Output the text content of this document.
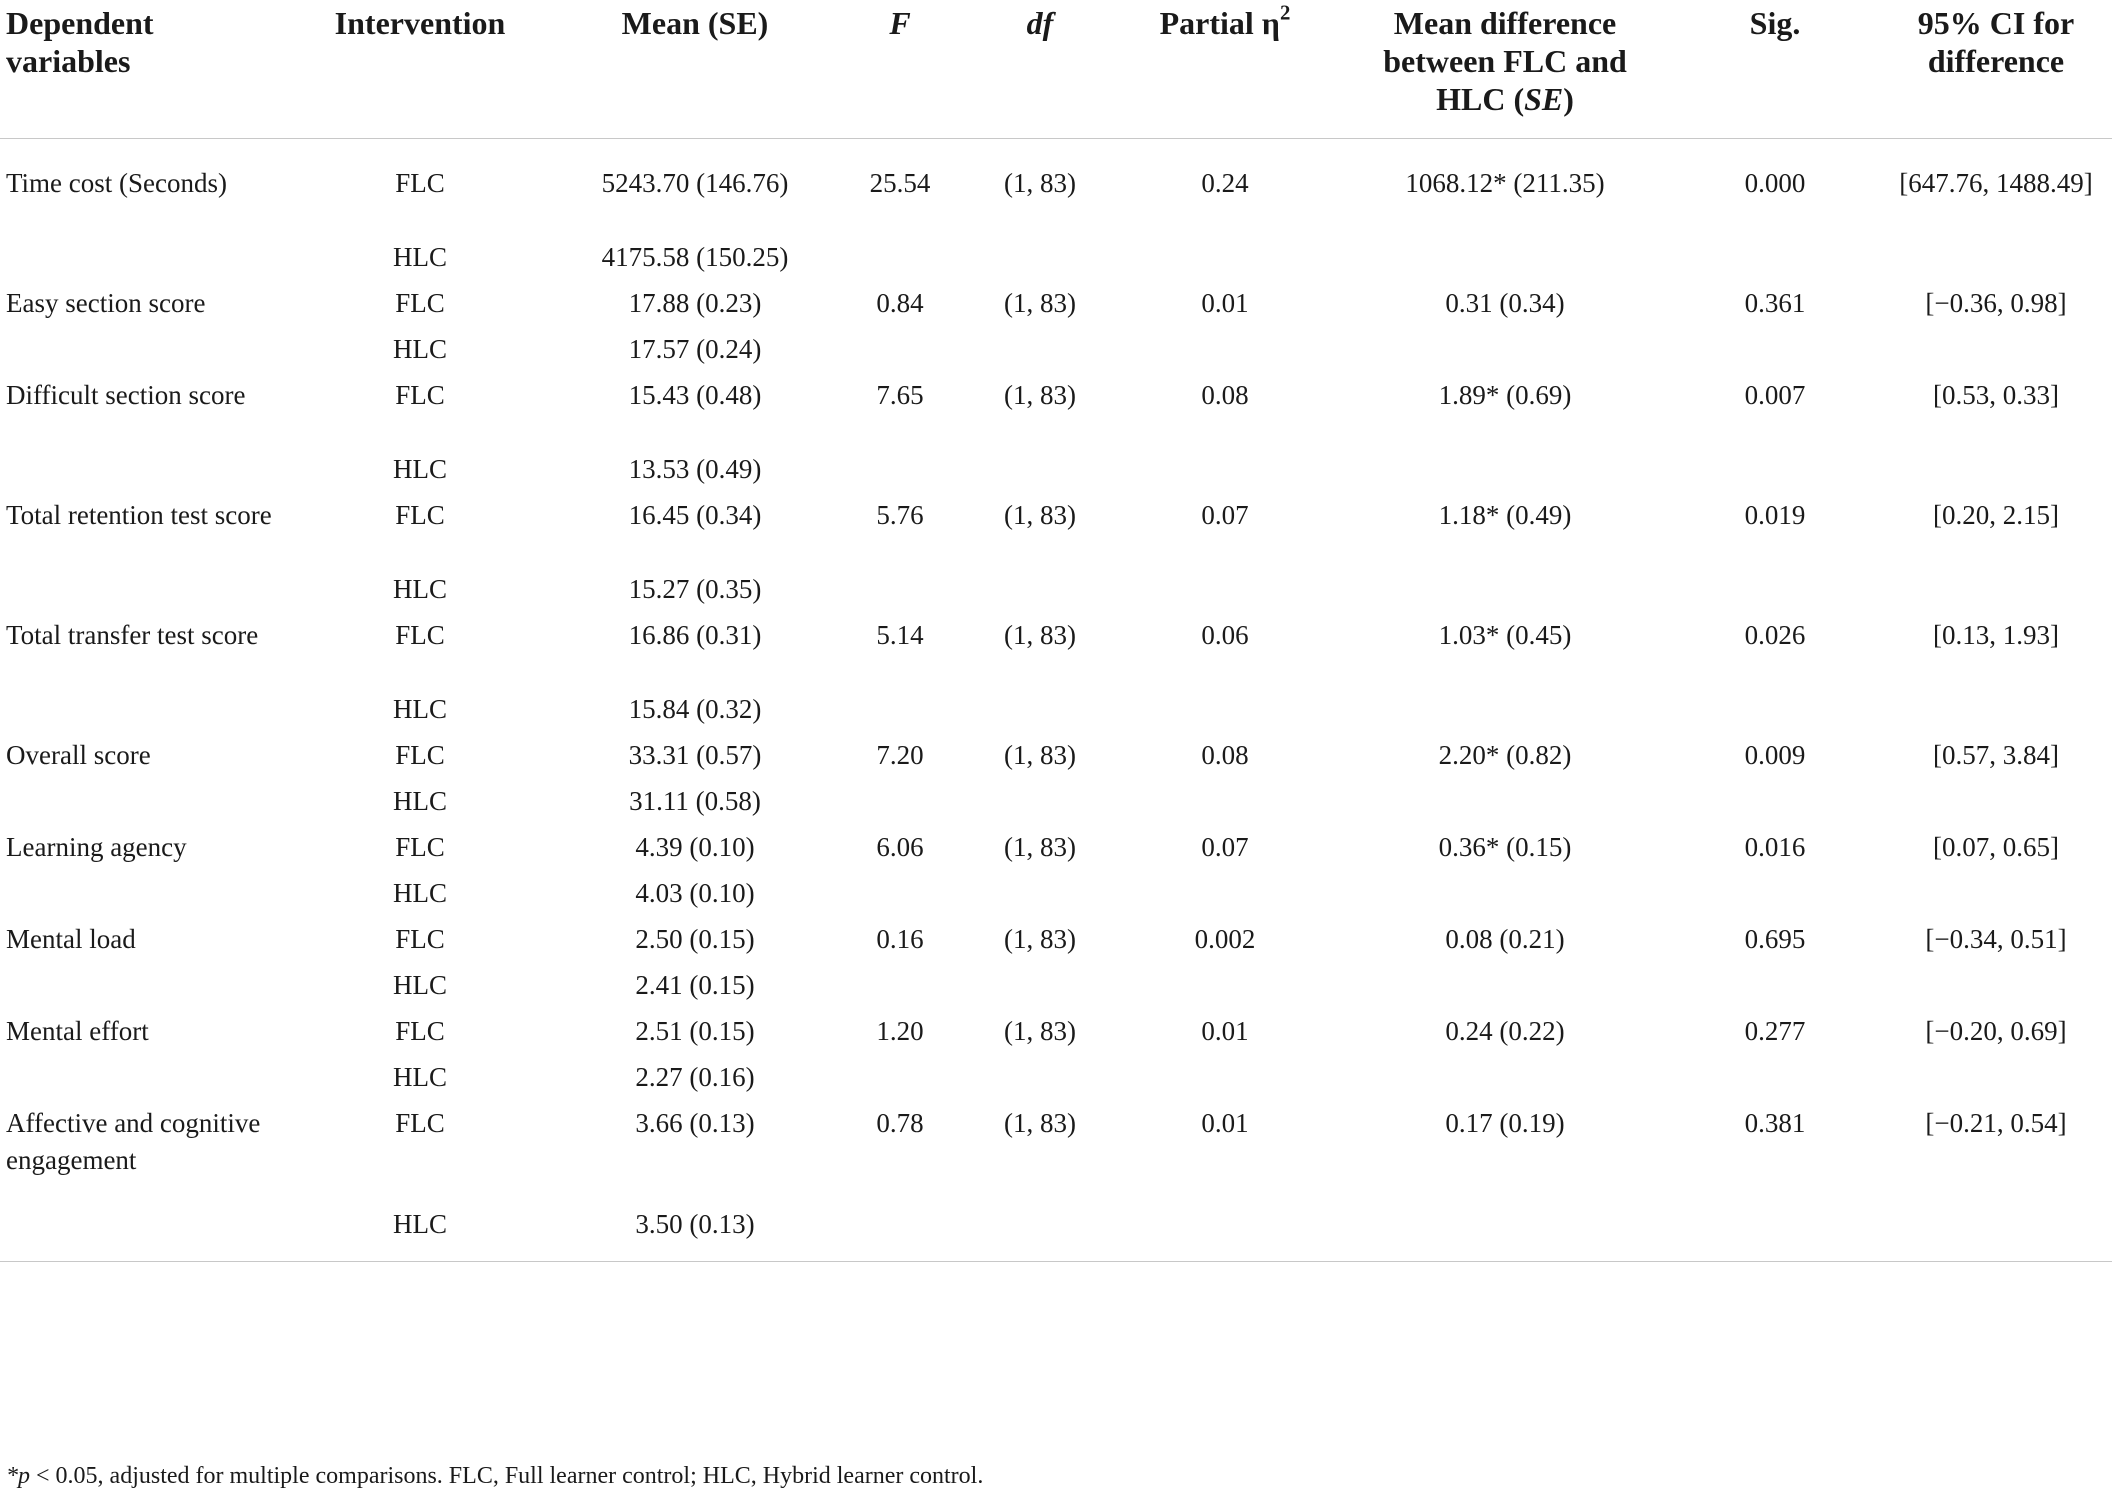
Dependent variables	Intervention	Mean (SE)	F	df	Partial $\eta^2$	Mean difference between FLC and HLC (SE)	Sig.	95% CI for difference
Time cost (Seconds)	FLC	5243.70 (146.76)	25.54	(1, 83)	0.24	1068.12* (211.35)	0.000	[647.76, 1488.49]
	HLC	4175.58 (150.25)						
Easy section score	FLC	17.88 (0.23)	0.84	(1, 83)	0.01	0.31 (0.34)	0.361	[−0.36, 0.98]
	HLC	17.57 (0.24)						
Difficult section score	FLC	15.43 (0.48)	7.65	(1, 83)	0.08	1.89* (0.69)	0.007	[0.53, 0.33]
	HLC	13.53 (0.49)						
Total retention test score	FLC	16.45 (0.34)	5.76	(1, 83)	0.07	1.18* (0.49)	0.019	[0.20, 2.15]
	HLC	15.27 (0.35)						
Total transfer test score	FLC	16.86 (0.31)	5.14	(1, 83)	0.06	1.03* (0.45)	0.026	[0.13, 1.93]
	HLC	15.84 (0.32)						
Overall score	FLC	33.31 (0.57)	7.20	(1, 83)	0.08	2.20* (0.82)	0.009	[0.57, 3.84]
	HLC	31.11 (0.58)						
Learning agency	FLC	4.39 (0.10)	6.06	(1, 83)	0.07	0.36* (0.15)	0.016	[0.07, 0.65]
	HLC	4.03 (0.10)						
Mental load	FLC	2.50 (0.15)	0.16	(1, 83)	0.002	0.08 (0.21)	0.695	[−0.34, 0.51]
	HLC	2.41 (0.15)						
Mental effort	FLC	2.51 (0.15)	1.20	(1, 83)	0.01	0.24 (0.22)	0.277	[−0.20, 0.69]
	HLC	2.27 (0.16)						
Affective and cognitive engagement	FLC	3.66 (0.13)	0.78	(1, 83)	0.01	0.17 (0.19)	0.381	[−0.21, 0.54]
	HLC	3.50 (0.13)						
*p < 0.05, adjusted for multiple comparisons. FLC, Full learner control; HLC, Hybrid learner control.
